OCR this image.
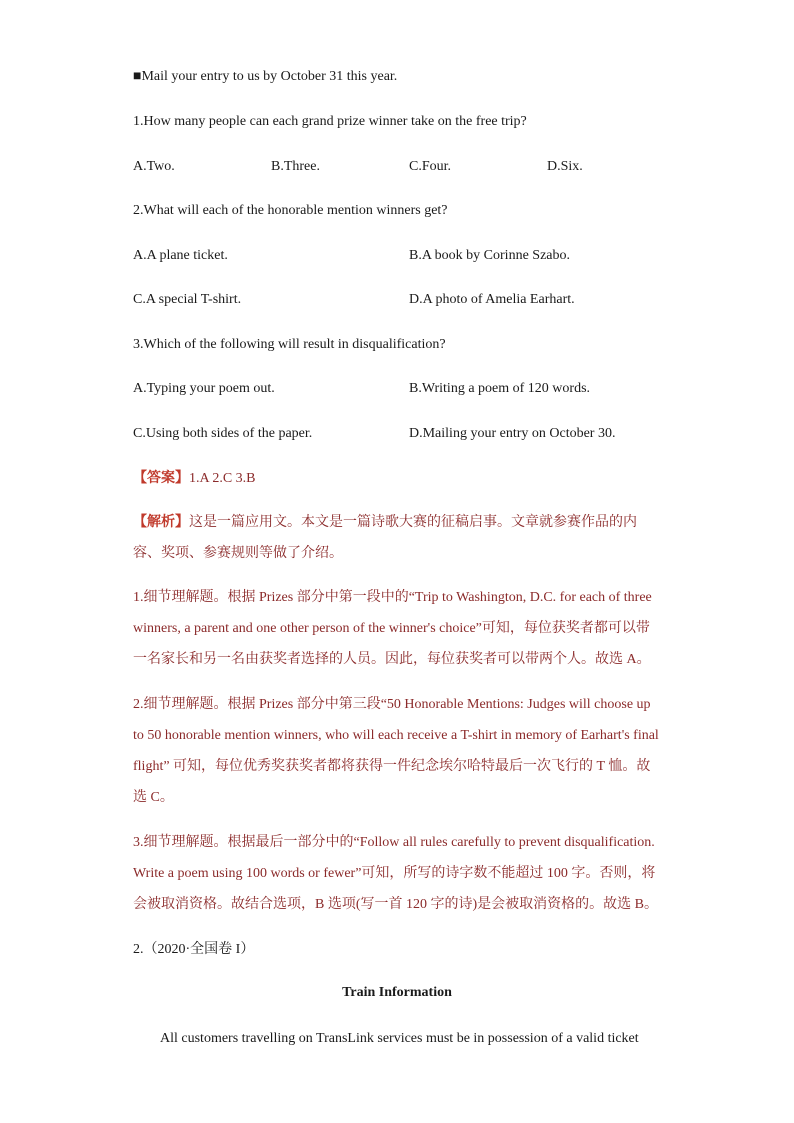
■Mail your entry to us by October 31 this year.
1.How many people can each grand prize winner take on the free trip?
A.Two.	B.Three.	C.Four.	D.Six.
2.What will each of the honorable mention winners get?
A.A plane ticket.	B.A book by Corinne Szabo.
C.A special T-shirt.	D.A photo of Amelia Earhart.
3.Which of the following will result in disqualification?
A.Typing your poem out.	B.Writing a poem of 120 words.
C.Using both sides of the paper.	D.Mailing your entry on October 30.
【答案】1.A 2.C 3.B
【解析】这是一篇应用文。本文是一篇诗歌大赛的征稿启事。文章就参赛作品的内容、奖项、参赛规则等做了介绍。
1.细节理解题。根据 Prizes 部分中第一段中的“Trip to Washington, D.C. for each of three winners, a parent and one other person of the winner's choice”可知，每位获奖者都可以带一名家长和另一名由获奖者选择的人员。因此，每位获奖者可以带两个人。故选 A。
2.细节理解题。根据 Prizes 部分中第三段“50 Honorable Mentions: Judges will choose up to 50 honorable mention winners, who will each receive a T-shirt in memory of Earhart's final flight” 可知，每位优秀奖获奖者都将获得一件纪念埃尔哈特最后一次飞行的 T 恤。故选 C。
3.细节理解题。根据最后一部分中的“Follow all rules carefully to prevent disqualification. Write a poem using 100 words or fewer”可知，所写的诗字数不能超过 100 字。否则，将会被取消资格。故结合选项，B 选项(写一首 120 字的诗)是会被取消资格的。故选 B。
2.（2020·全国卷 I）
Train Information
All customers travelling on TransLink services must be in possession of a valid ticket
